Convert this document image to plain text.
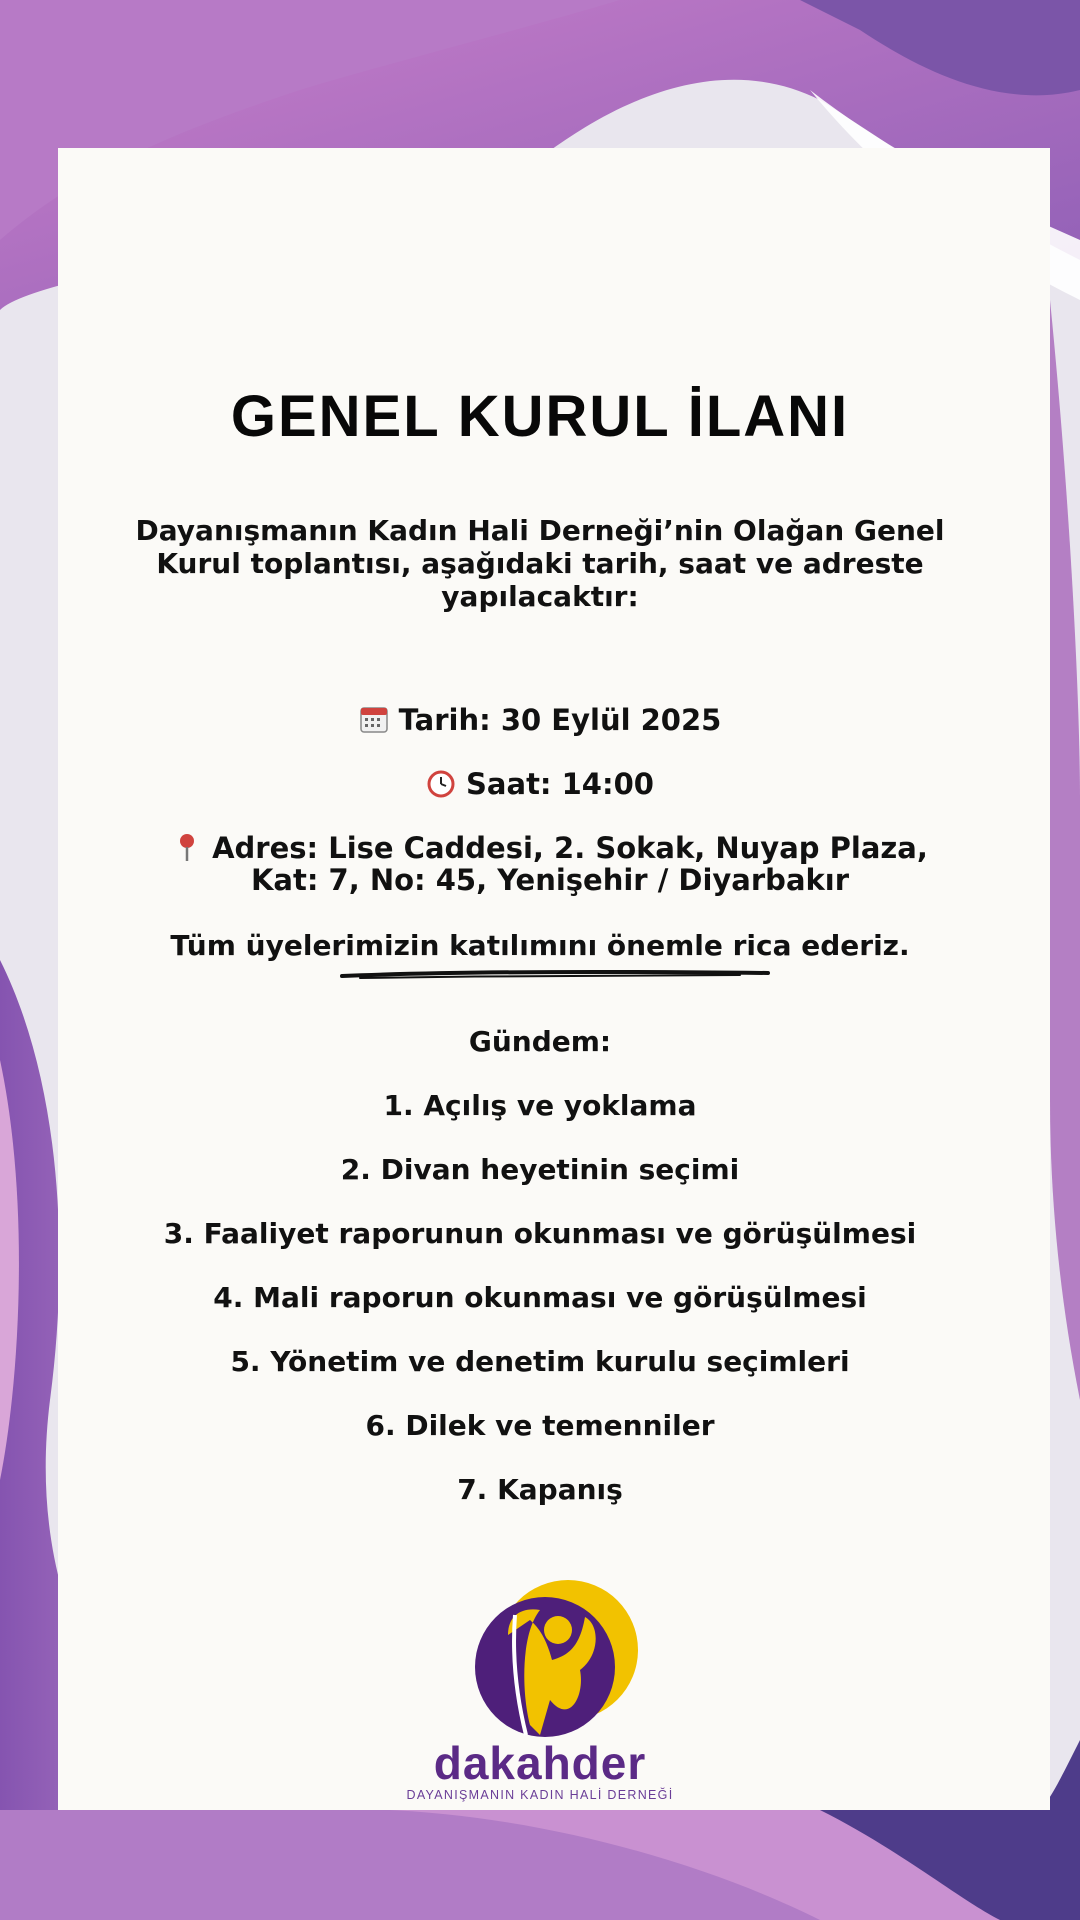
GENEL KURUL İLANI
Dayanışmanın Kadın Hali Derneği’nin Olağan Genel Kurul toplantısı, aşağıdaki tarih, saat ve adreste yapılacaktır:
Tarih: 30 Eylül 2025
Saat: 14:00
Adres: Lise Caddesi, 2. Sokak, Nuyap Plaza, Kat: 7, No: 45, Yenişehir / Diyarbakır
Tüm üyelerimizin katılımını önemle rica ederiz.
Gündem:
1. Açılış ve yoklama
2. Divan heyetinin seçimi
3. Faaliyet raporunun okunması ve görüşülmesi
4. Mali raporun okunması ve görüşülmesi
5. Yönetim ve denetim kurulu seçimleri
6. Dilek ve temenniler
7. Kapanış
dakahder
DAYANIŞMANIN KADIN HALİ DERNEĞİ
